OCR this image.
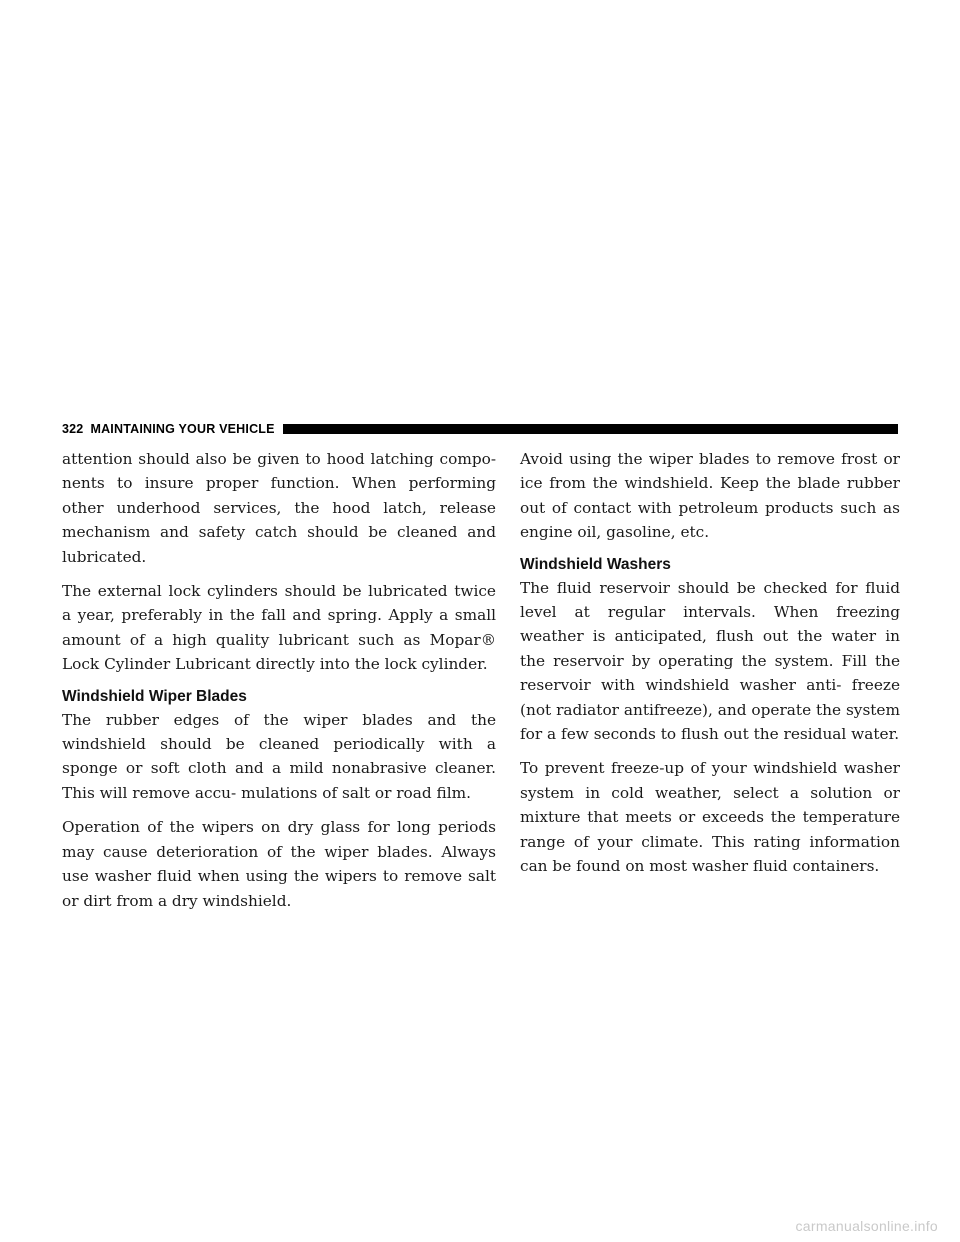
322 MAINTAINING YOUR VEHICLE

attention should also be given to hood latching compo- nents to insure proper function. When performing other underhood services, the hood latch, release mechanism and safety catch should be cleaned and lubricated.

The external lock cylinders should be lubricated twice a year, preferably in the fall and spring. Apply a small amount of a high quality lubricant such as Mopar® Lock Cylinder Lubricant directly into the lock cylinder.

Windshield Wiper Blades

The rubber edges of the wiper blades and the windshield should be cleaned periodically with a sponge or soft cloth and a mild nonabrasive cleaner. This will remove accu- mulations of salt or road film.

Operation of the wipers on dry glass for long periods may cause deterioration of the wiper blades. Always use washer fluid when using the wipers to remove salt or dirt from a dry windshield.

Avoid using the wiper blades to remove frost or ice from the windshield. Keep the blade rubber out of contact with petroleum products such as engine oil, gasoline, etc.

Windshield Washers

The fluid reservoir should be checked for fluid level at regular intervals. When freezing weather is anticipated, flush out the water in the reservoir by operating the system. Fill the reservoir with windshield washer anti- freeze (not radiator antifreeze), and operate the system for a few seconds to flush out the residual water.

To prevent freeze-up of your windshield washer system in cold weather, select a solution or mixture that meets or exceeds the temperature range of your climate. This rating information can be found on most washer fluid containers.

carmanualsonline.info
